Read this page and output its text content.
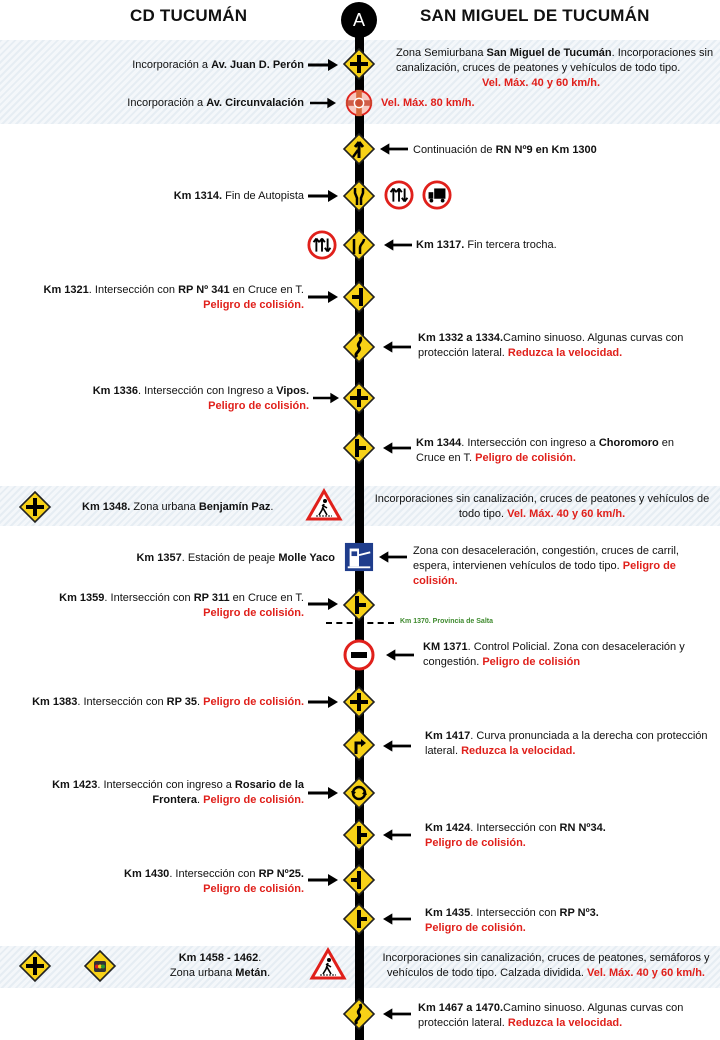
CD TUCUMÁN	SAN MIGUEL DE TUCUMÁN
A
Incorporación a Av. Juan D. Perón
Zona Semiurbana San Miguel de Tucumán. Incorporaciones sin canalización, cruces de peatones y vehículos de todo tipo.
Vel. Máx. 40 y 60 km/h.
Incorporación a Av. Circunvalación	Vel. Máx. 80 km/h.
Continuación de RN Nº9 en Km 1300
Km 1314. Fin de Autopista
Km 1317. Fin tercera trocha.
Km 1321. Intersección con RP Nº 341 en Cruce en T.
Peligro de colisión.
Km 1332 a 1334.Camino sinuoso. Algunas curvas con protección lateral. Reduzca la velocidad.
Km 1336. Intersección con Ingreso a Vipos.
Peligro de colisión.
Km 1344. Intersección con ingreso a Choromoro en Cruce en T. Peligro de colisión.
Km 1348. Zona urbana Benjamín Paz.
Incorporaciones sin canalización, cruces de peatones y vehículos de todo tipo. Vel. Máx. 40 y 60 km/h.
Km 1357. Estación de peaje Molle Yaco
Zona con desaceleración, congestión, cruces de carril, espera, intervienen vehículos de todo tipo. Peligro de colisión.
Km 1359. Intersección con RP 311 en Cruce en T.
Peligro de colisión.
Km 1370. Provincia de Salta
KM 1371. Control Policial. Zona con desaceleración y congestión. Peligro de colisión
Km 1383. Intersección con RP 35. Peligro de colisión.
Km 1417. Curva pronunciada a la derecha con protección lateral. Reduzca la velocidad.
Km 1423. Intersección con ingreso a Rosario de la Frontera. Peligro de colisión.
Km 1424. Intersección con RN Nº34.
Peligro de colisión.
Km 1430. Intersección con RP Nº25.
Peligro de colisión.
Km 1435. Intersección con RP Nº3.
Peligro de colisión.
Km 1458 - 1462.
Zona urbana Metán.
Incorporaciones sin canalización, cruces de peatones, semáforos y vehículos de todo tipo. Calzada dividida. Vel. Máx. 40 y 60 km/h.
Km 1467 a 1470.Camino sinuoso. Algunas curvas con protección lateral. Reduzca la velocidad.
